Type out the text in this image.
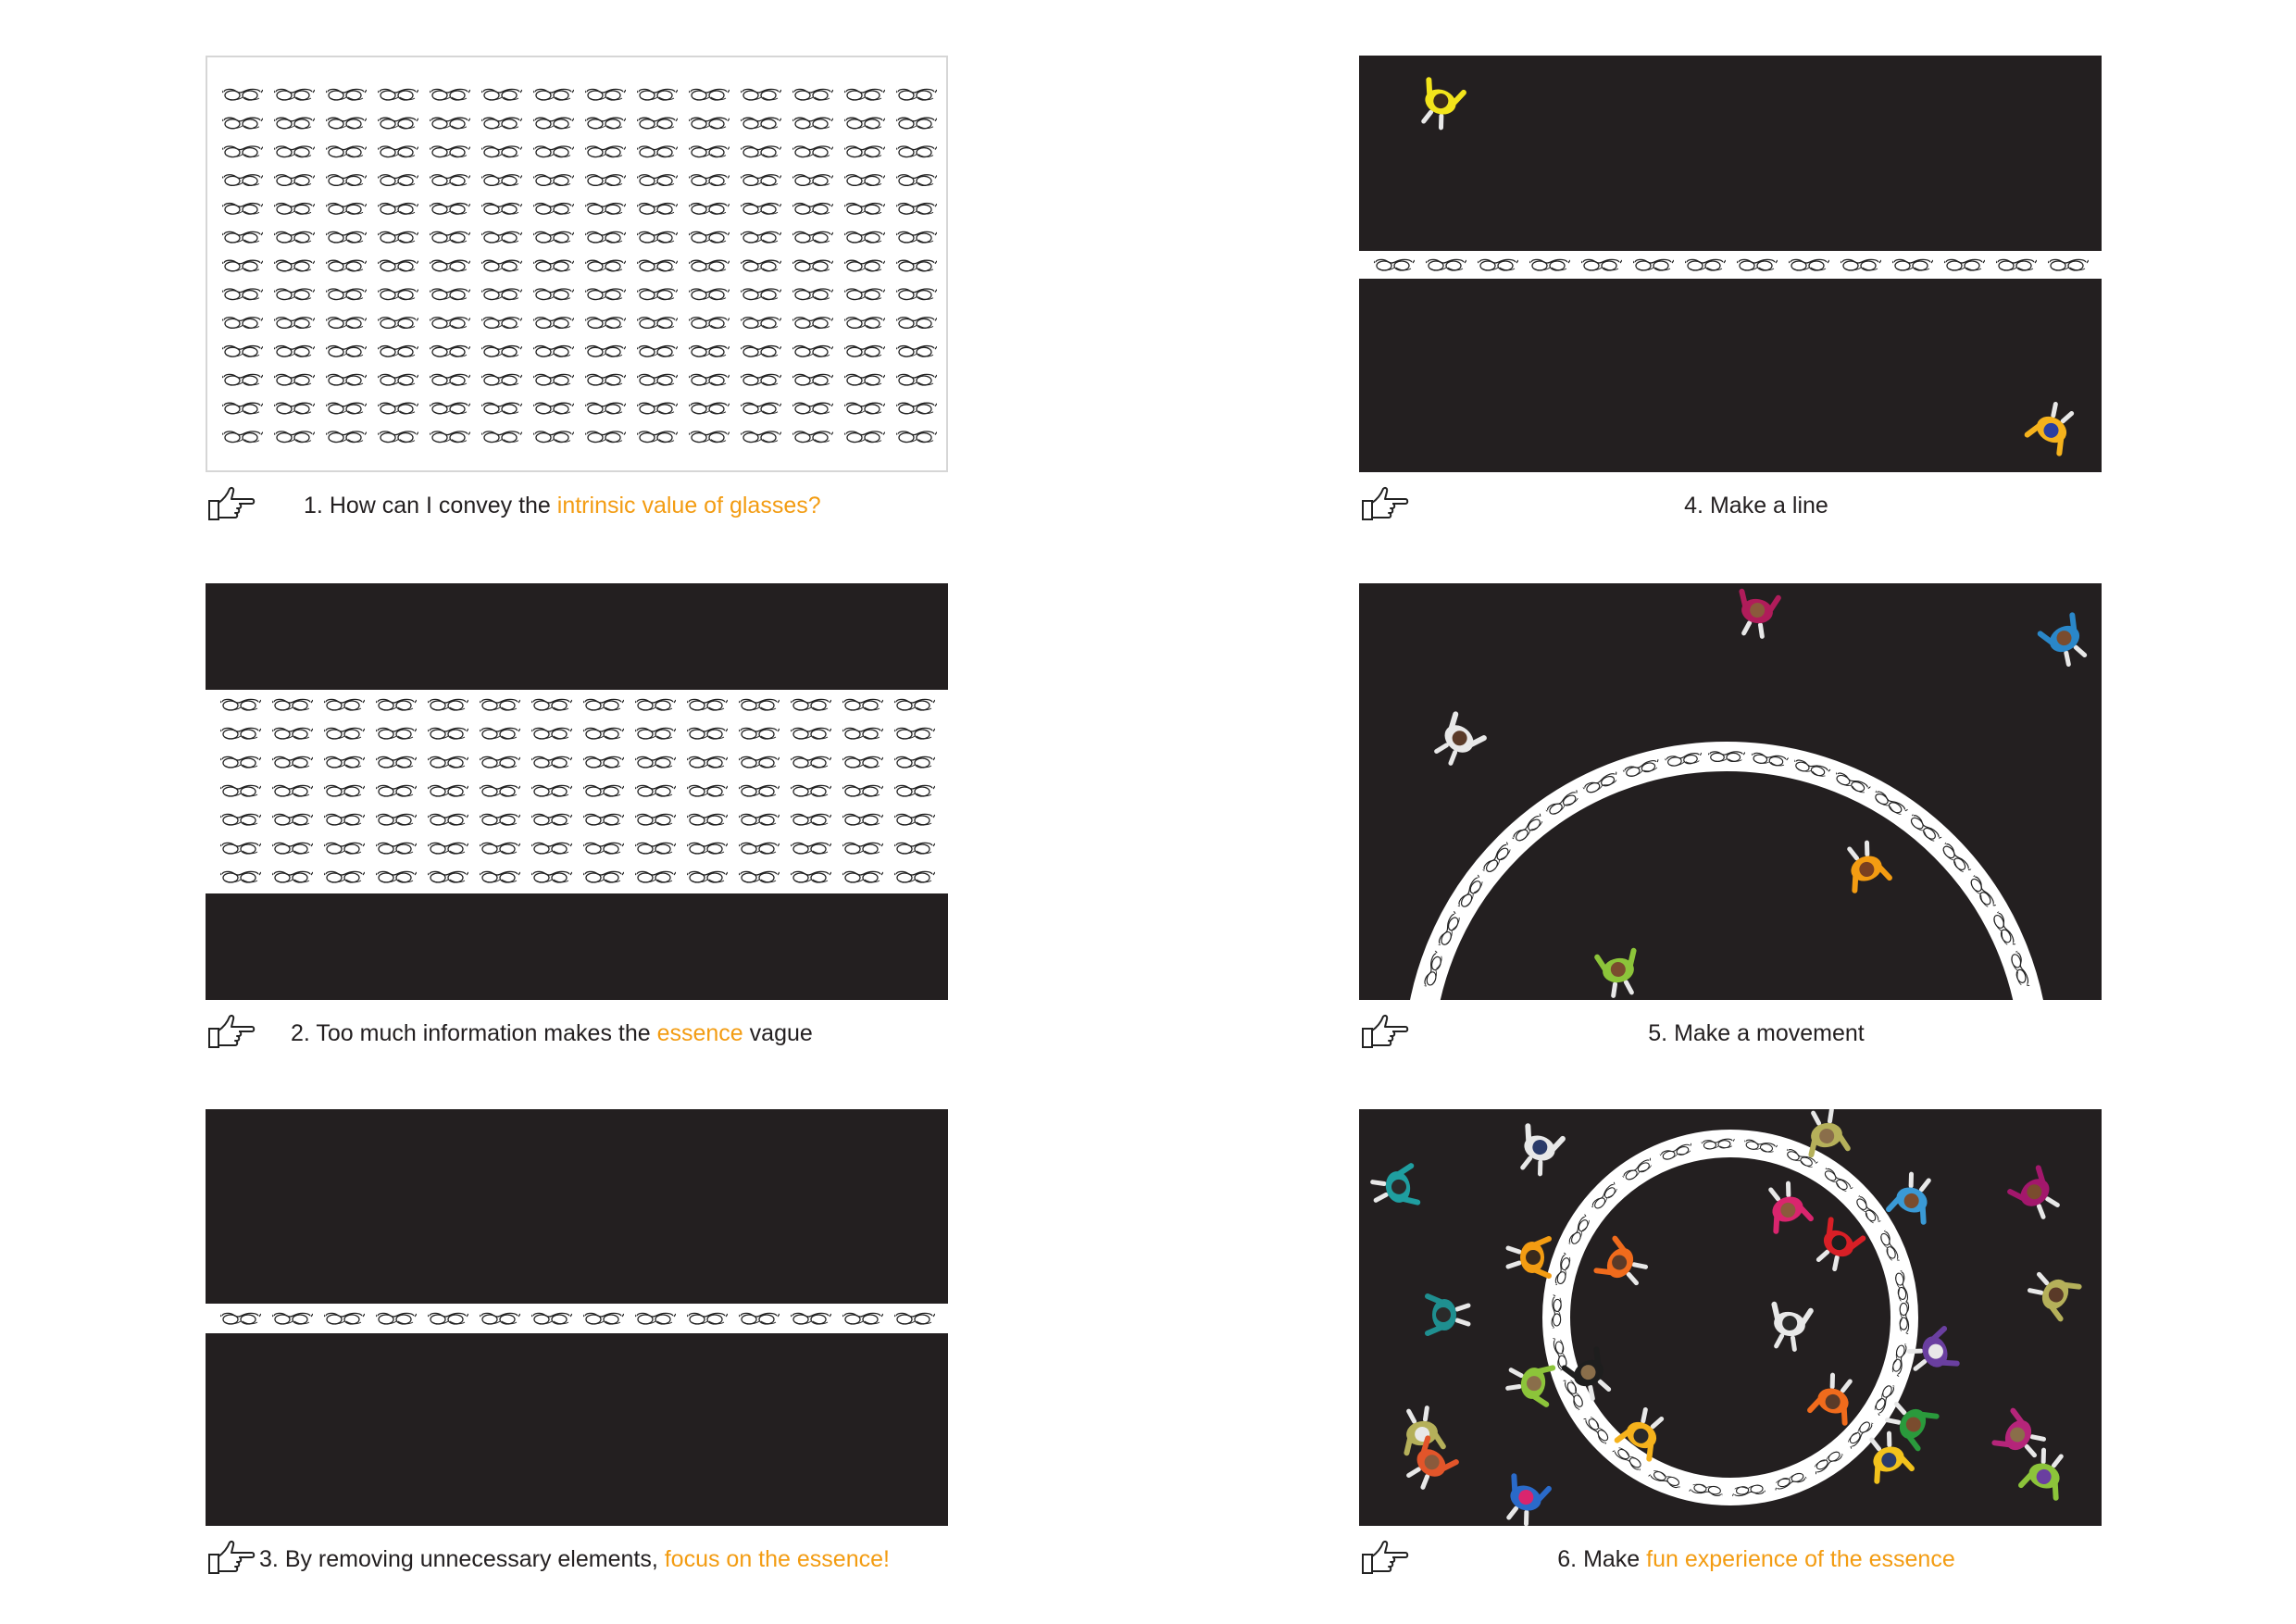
1. How can I convey the intrinsic value of glasses?
2. Too much information makes the essence vague
3. By removing unnecessary elements, focus on the essence!
4. Make a line
5. Make a movement
6. Make fun experience of the essence
